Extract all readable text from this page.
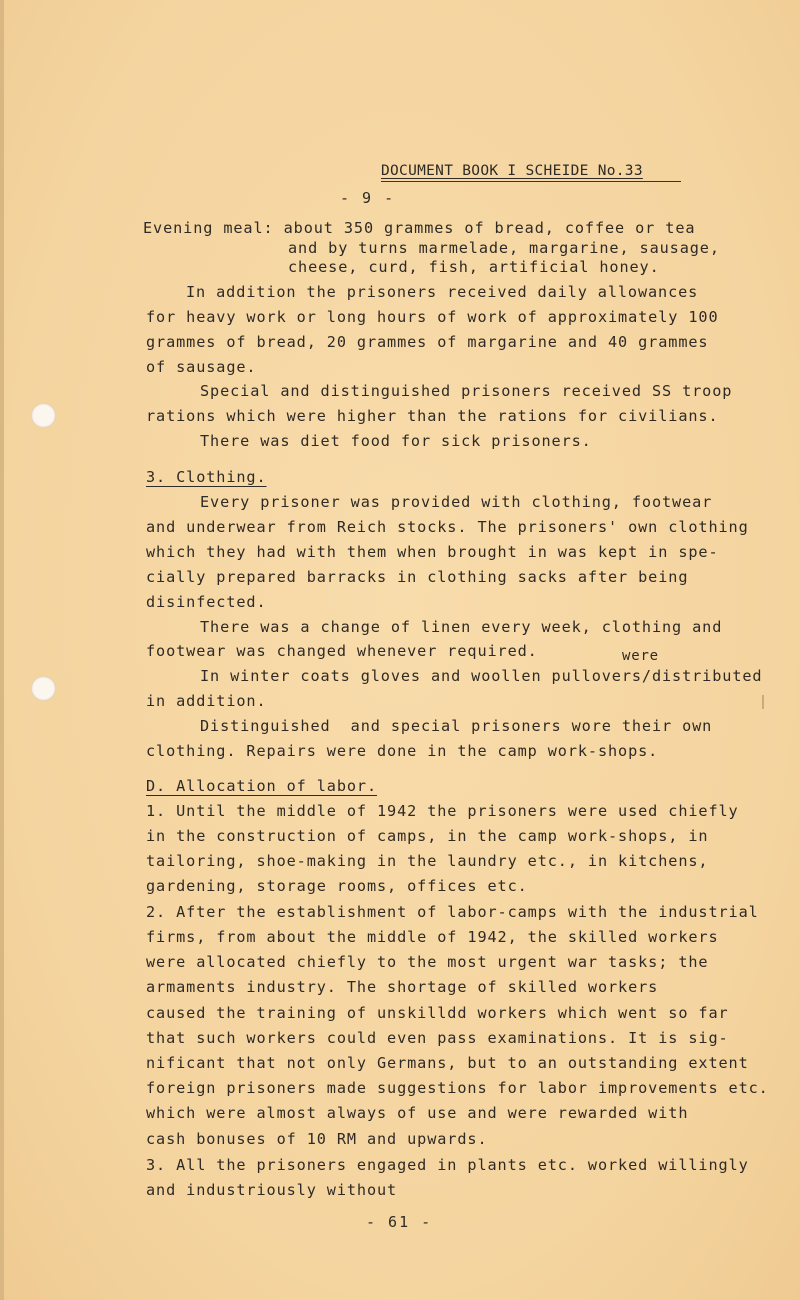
DOCUMENT BOOK I SCHEIDE No.33
- 9 -
Evening meal: about 350 grammes of bread, coffee or tea
and by turns marmelade, margarine, sausage,
cheese, curd, fish, artificial honey.
In addition the prisoners received daily allowances
for heavy work or long hours of work of approximately 100
grammes of bread, 20 grammes of margarine and 40 grammes
of sausage.
Special and distinguished prisoners received SS troop
rations which were higher than the rations for civilians.
There was diet food for sick prisoners.
3. Clothing.
Every prisoner was provided with clothing, footwear
and underwear from Reich stocks. The prisoners' own clothing
which they had with them when brought in was kept in spe-
cially prepared barracks in clothing sacks after being
disinfected.
There was a change of linen every week, clothing and
footwear was changed whenever required.	were
In winter coats gloves and woollen pullovers/distributed
in addition.
Distinguished  and special prisoners wore their own
clothing. Repairs were done in the camp work-shops.
D. Allocation of labor.
1. Until the middle of 1942 the prisoners were used chiefly
in the construction of camps, in the camp work-shops, in
tailoring, shoe-making in the laundry etc., in kitchens,
gardening, storage rooms, offices etc.
2. After the establishment of labor-camps with the industrial
firms, from about the middle of 1942, the skilled workers
were allocated chiefly to the most urgent war tasks; the
armaments industry. The shortage of skilled workers
caused the training of unskilldd workers which went so far
that such workers could even pass examinations. It is sig-
nificant that not only Germans, but to an outstanding extent
foreign prisoners made suggestions for labor improvements etc.
which were almost always of use and were rewarded with
cash bonuses of 10 RM and upwards.
3. All the prisoners engaged in plants etc. worked willingly
and industriously without
- 61 -
